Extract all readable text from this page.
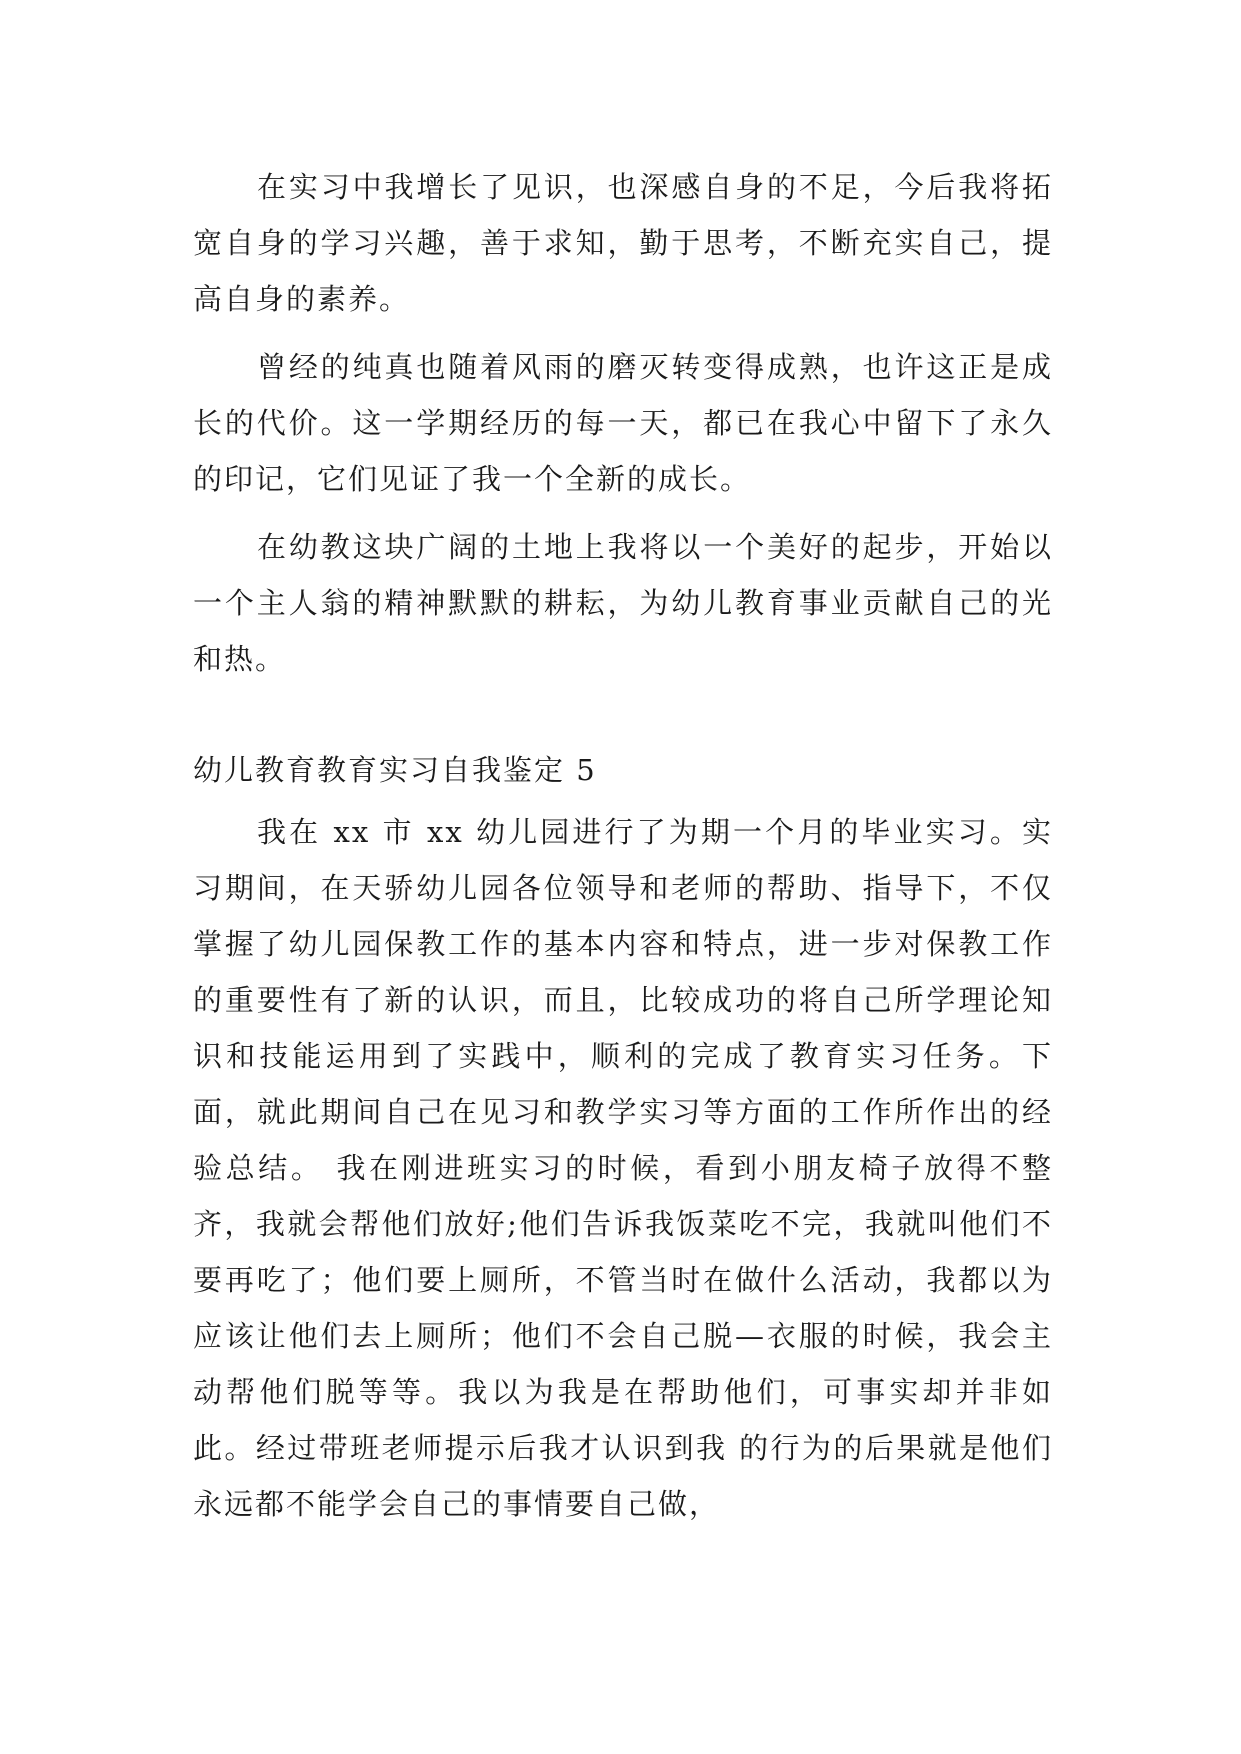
在实习中我增长了见识，也深感自身的不足，今后我将拓宽自身的学习兴趣，善于求知，勤于思考，不断充实自己，提高自身的素养。

曾经的纯真也随着风雨的磨灭转变得成熟，也许这正是成长的代价。这一学期经历的每一天，都已在我心中留下了永久的印记，它们见证了我一个全新的成长。

在幼教这块广阔的土地上我将以一个美好的起步，开始以一个主人翁的精神默默的耕耘，为幼儿教育事业贡献自己的光和热。

幼儿教育教育实习自我鉴定 5

我在 xx 市 xx 幼儿园进行了为期一个月的毕业实习。实习期间，在天骄幼儿园各位领导和老师的帮助、指导下，不仅掌握了幼儿园保教工作的基本内容和特点，进一步对保教工作的重要性有了新的认识，而且，比较成功的将自己所学理论知识和技能运用到了实践中，顺利的完成了教育实习任务。下面，就此期间自己在见习和教学实习等方面的工作所作出的经验总结。 我在刚进班实习的时候，看到小朋友椅子放得不整齐，我就会帮他们放好;他们告诉我饭菜吃不完，我就叫他们不要再吃了；他们要上厕所，不管当时在做什么活动，我都以为应该让他们去上厕所；他们不会自己脱—衣服的时候，我会主动帮他们脱等等。我以为我是在帮助他们，可事实却并非如此。经过带班老师提示后我才认识到我 的行为的后果就是他们永远都不能学会自己的事情要自己做，
